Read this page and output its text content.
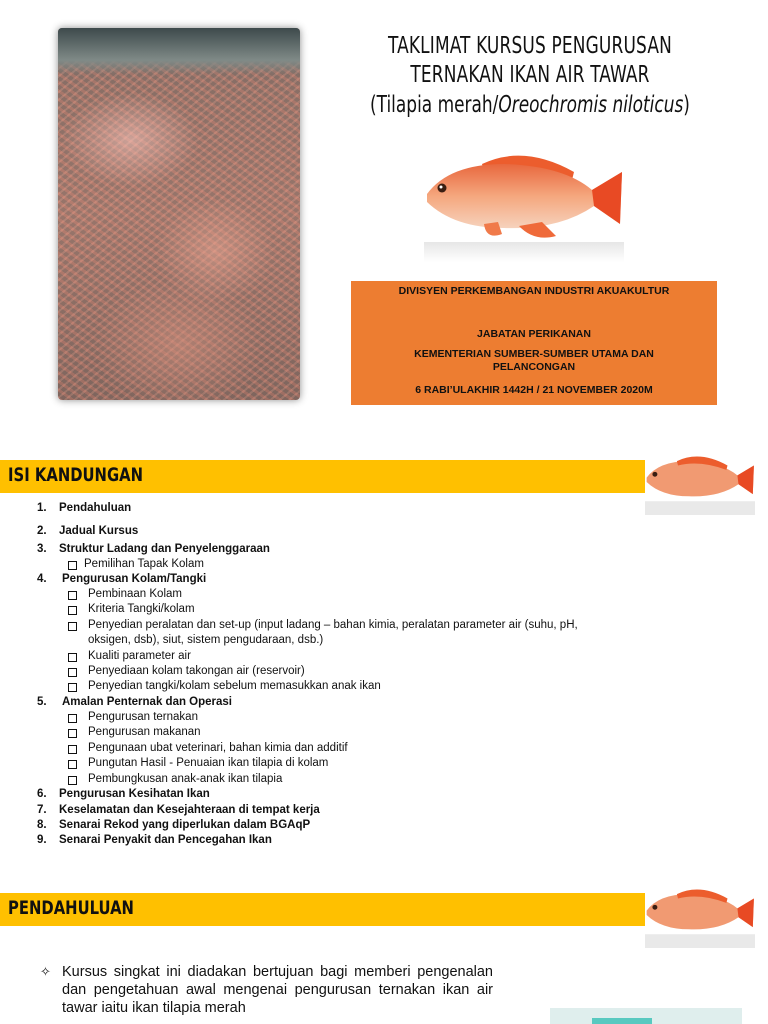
TAKLIMAT KURSUS PENGURUSAN
TERNAKAN IKAN AIR TAWAR
(Tilapia merah/Oreochromis niloticus)
DIVISYEN PERKEMBANGAN INDUSTRI AKUAKULTUR
JABATAN PERIKANAN
KEMENTERIAN SUMBER-SUMBER UTAMA DAN PELANCONGAN
6 RABI’ULAKHIR 1442H / 21 NOVEMBER 2020M
ISI KANDUNGAN
1. Pendahuluan
2. Jadual Kursus
3. Struktur Ladang dan Penyelenggaraan
Pemilihan Tapak Kolam
4. Pengurusan Kolam/Tangki
Pembinaan Kolam
Kriteria Tangki/kolam
Penyedian peralatan dan set-up (input ladang – bahan kimia, peralatan parameter air (suhu, pH,
oksigen, dsb), siut, sistem pengudaraan, dsb.)
Kualiti parameter air
Penyediaan kolam takongan air (reservoir)
Penyedian tangki/kolam sebelum memasukkan anak ikan
5. Amalan Penternak dan Operasi
Pengurusan ternakan
Pengurusan makanan
Pengunaan ubat veterinari, bahan kimia dan additif
Pungutan Hasil - Penuaian ikan tilapia di kolam
Pembungkusan anak-anak ikan tilapia
6. Pengurusan Kesihatan Ikan
7. Keselamatan dan Kesejahteraan di tempat kerja
8. Senarai Rekod yang diperlukan dalam BGAqP
9. Senarai Penyakit dan Pencegahan Ikan
PENDAHULUAN
✧ Kursus singkat ini diadakan bertujuan bagi memberi pengenalan dan pengetahuan awal mengenai pengurusan ternakan ikan air tawar iaitu ikan tilapia merah
